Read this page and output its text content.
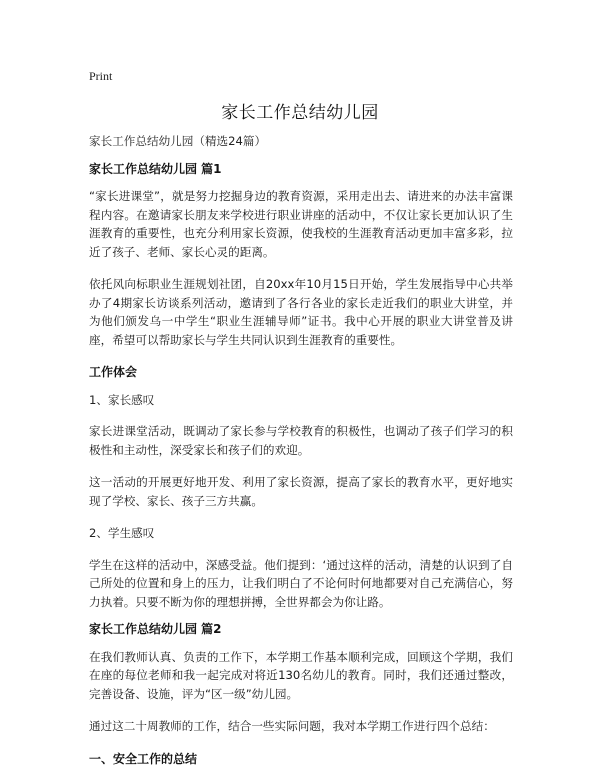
Print
家长工作总结幼儿园
家长工作总结幼儿园（精选24篇）
家长工作总结幼儿园 篇1
“家长进课堂”，就是努力挖掘身边的教育资源，采用走出去、请进来的办法丰富课程内容。在邀请家长朋友来学校进行职业讲座的活动中，不仅让家长更加认识了生涯教育的重要性，也充分利用家长资源，使我校的生涯教育活动更加丰富多彩，拉近了孩子、老师、家长心灵的距离。
依托风向标职业生涯规划社团，自20xx年10月15日开始，学生发展指导中心共举办了4期家长访谈系列活动，邀请到了各行各业的家长走近我们的职业大讲堂，并为他们颁发乌一中学生“职业生涯辅导师”证书。我中心开展的职业大讲堂普及讲座，希望可以帮助家长与学生共同认识到生涯教育的重要性。
工作体会
1、家长感叹
家长进课堂活动，既调动了家长参与学校教育的积极性，也调动了孩子们学习的积极性和主动性，深受家长和孩子们的欢迎。
这一活动的开展更好地开发、利用了家长资源，提高了家长的教育水平，更好地实现了学校、家长、孩子三方共赢。
2、学生感叹
学生在这样的活动中，深感受益。他们提到：‘通过这样的活动，清楚的认识到了自己所处的位置和身上的压力，让我们明白了不论何时何地都要对自己充满信心，努力执着。只要不断为你的理想拼搏，全世界都会为你让路。
家长工作总结幼儿园 篇2
在我们教师认真、负责的工作下，本学期工作基本顺利完成，回顾这个学期，我们在座的每位老师和我一起完成对将近130名幼儿的教育。同时，我们还通过整改，完善设备、设施，评为“区一级”幼儿园。
通过这二十周教师的工作，结合一些实际问题，我对本学期工作进行四个总结：
一、安全工作的总结
